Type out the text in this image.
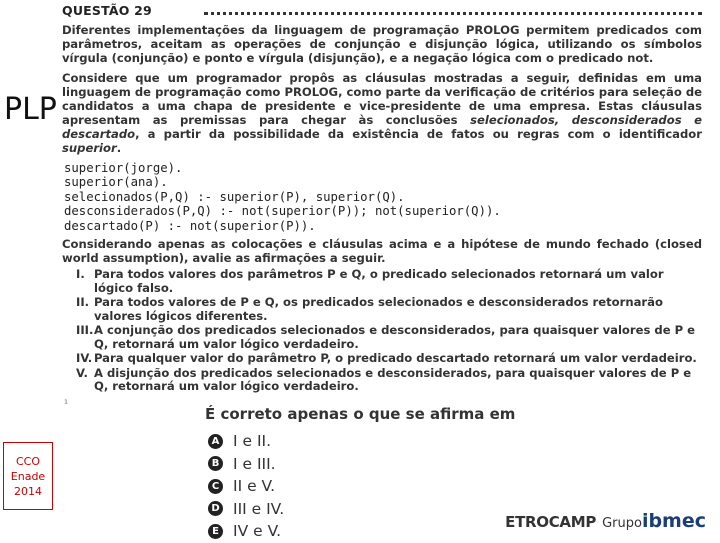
PLP
CCO
Enade
2014
QUESTÃO 29

Diferentes implementações da linguagem de programação PROLOG permitem predicados com parâmetros, aceitam as operações de conjunção e disjunção lógica, utilizando os símbolos vírgula (conjunção) e ponto e vírgula (disjunção), e a negação lógica com o predicado not.

Considere que um programador propôs as cláusulas mostradas a seguir, definidas em uma linguagem de programação como PROLOG, como parte da verificação de critérios para seleção de candidatos a uma chapa de presidente e vice-presidente de uma empresa. Estas cláusulas apresentam as premissas para chegar às conclusões selecionados, desconsiderados e descartado, a partir da possibilidade da existência de fatos ou regras com o identificador superior.

superior(jorge).
superior(ana).
selecionados(P,Q) :- superior(P), superior(Q).
desconsiderados(P,Q) :- not(superior(P)); not(superior(Q)).
descartado(P) :- not(superior(P)).

Considerando apenas as colocações e cláusulas acima e a hipótese de mundo fechado (closed world assumption), avalie as afirmações a seguir.

I. Para todos valores dos parâmetros P e Q, o predicado selecionados retornará um valor lógico falso.
II. Para todos valores de P e Q, os predicados selecionados e desconsiderados retornarão valores lógicos diferentes.
III. A conjunção dos predicados selecionados e desconsiderados, para quaisquer valores de P e Q, retornará um valor lógico verdadeiro.
IV. Para qualquer valor do parâmetro P, o predicado descartado retornará um valor verdadeiro.
V. A disjunção dos predicados selecionados e desconsiderados, para quaisquer valores de P e Q, retornará um valor lógico verdadeiro.
¹
É correto apenas o que se afirma em
A I e II.
B I e III.
C II e V.
D III e IV.
E IV e V.
ETROCAMP Grupo ibmec
